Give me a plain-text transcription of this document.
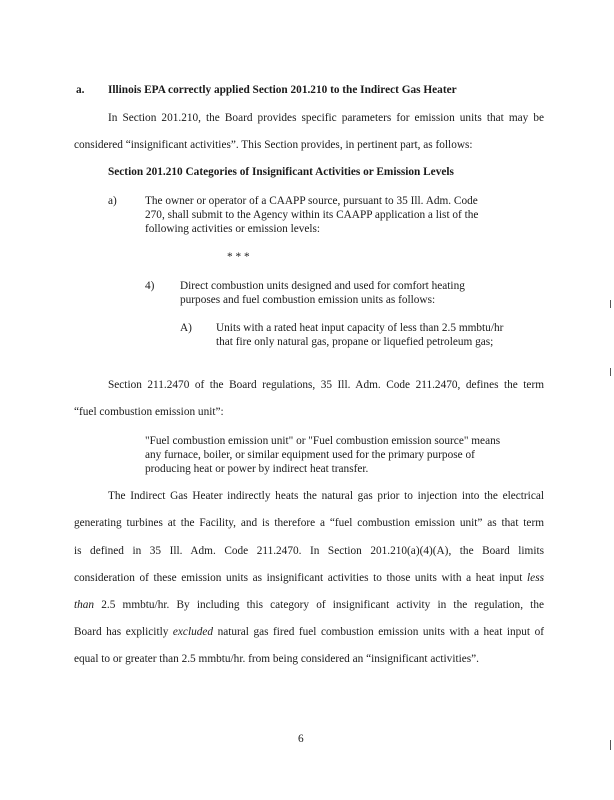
a. Illinois EPA correctly applied Section 201.210 to the Indirect Gas Heater
In Section 201.210, the Board provides specific parameters for emission units that may be
considered “insignificant activities”. This Section provides, in pertinent part, as follows:
Section 201.210 Categories of Insignificant Activities or Emission Levels
a) The owner or operator of a CAAPP source, pursuant to 35 Ill. Adm. Code
270, shall submit to the Agency within its CAAPP application a list of the
following activities or emission levels:
* * *
4) Direct combustion units designed and used for comfort heating
purposes and fuel combustion emission units as follows:
A) Units with a rated heat input capacity of less than 2.5 mmbtu/hr
that fire only natural gas, propane or liquefied petroleum gas;
Section 211.2470 of the Board regulations, 35 Ill. Adm. Code 211.2470, defines the term
“fuel combustion emission unit”:
"Fuel combustion emission unit" or "Fuel combustion emission source" means
any furnace, boiler, or similar equipment used for the primary purpose of
producing heat or power by indirect heat transfer.
The Indirect Gas Heater indirectly heats the natural gas prior to injection into the electrical
generating turbines at the Facility, and is therefore a “fuel combustion emission unit” as that term
is defined in 35 Ill. Adm. Code 211.2470. In Section 201.210(a)(4)(A), the Board limits
consideration of these emission units as insignificant activities to those units with a heat input less
than 2.5 mmbtu/hr. By including this category of insignificant activity in the regulation, the
Board has explicitly excluded natural gas fired fuel combustion emission units with a heat input of
equal to or greater than 2.5 mmbtu/hr. from being considered an “insignificant activities”.
6
